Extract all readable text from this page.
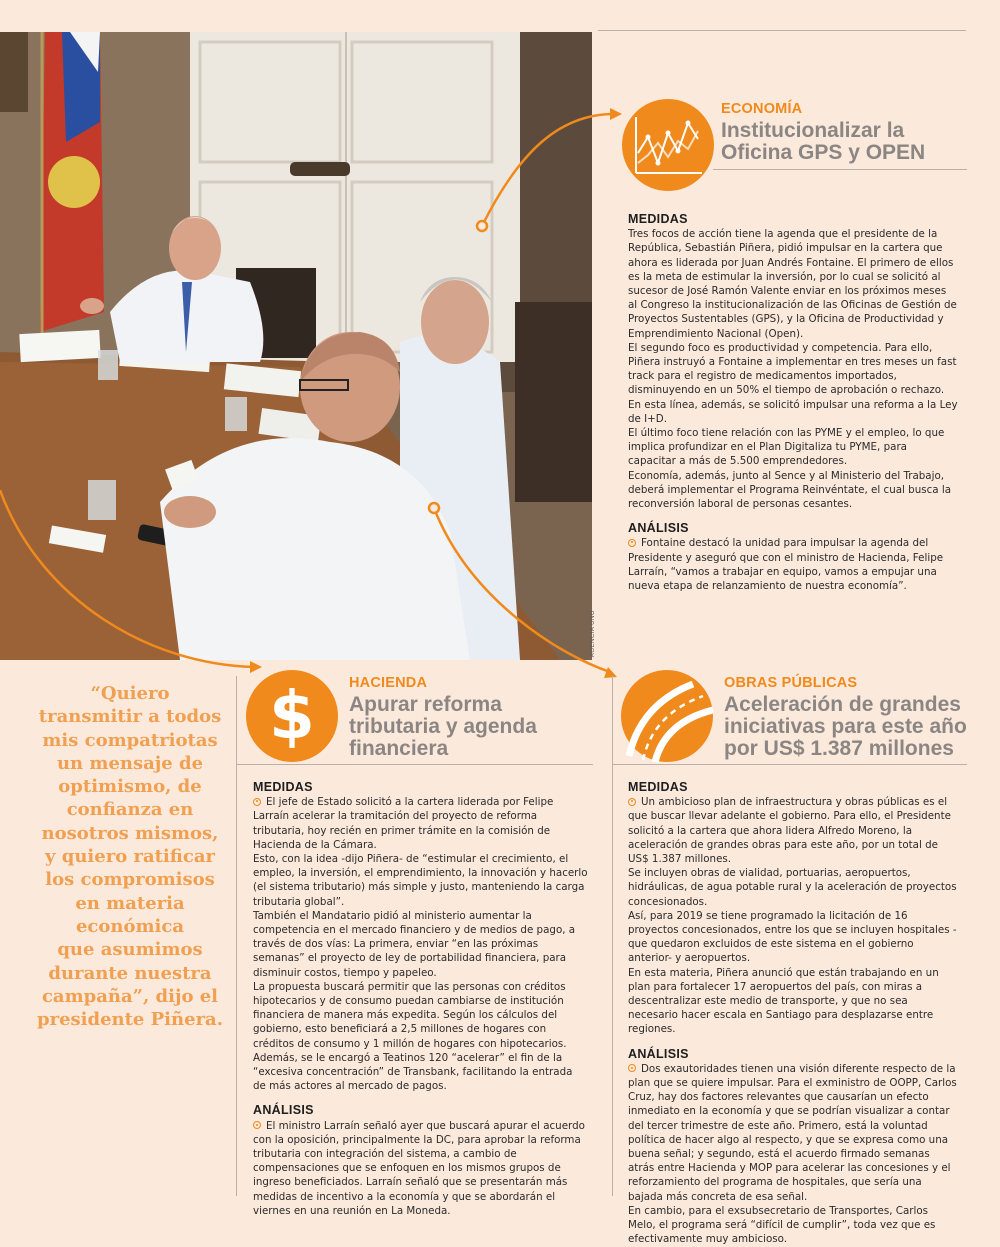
AGENCIA UNO
ECONOMÍA
Institucionalizar la
Oficina GPS y OPEN
MEDIDAS

Tres focos de acción tiene la agenda que el presidente de la República, Sebastián Piñera, pidió impulsar en la cartera que ahora es liderada por Juan Andrés Fontaine. El primero de ellos es la meta de estimular la inversión, por lo cual se solicitó al sucesor de José Ramón Valente enviar en los próximos meses al Congreso la institucionalización de las Oficinas de Gestión de Proyectos Sustentables (GPS), y la Oficina de Productividad y Emprendimiento Nacional (Open).

El segundo foco es productividad y competencia. Para ello, Piñera instruyó a Fontaine a implementar en tres meses un fast track para el registro de medicamentos importados, disminuyendo en un 50% el tiempo de aprobación o rechazo. En esta línea, además, se solicitó impulsar una reforma a la Ley de I+D.

El último foco tiene relación con las PYME y el empleo, lo que implica profundizar en el Plan Digitaliza tu PYME, para capacitar a más de 5.500 emprendedores.

Economía, además, junto al Sence y al Ministerio del Trabajo, deberá implementar el Programa Reinvéntate, el cual busca la reconversión laboral de personas cesantes.

ANÁLISIS

Fontaine destacó la unidad para impulsar la agenda del Presidente y aseguró que con el ministro de Hacienda, Felipe Larraín, “vamos a trabajar en equipo, vamos a empujar una nueva etapa de relanzamiento de nuestra economía”.

“Quiero
transmitir a todos
mis compatriotas
un mensaje de
optimismo, de
confianza en
nosotros mismos,
y quiero ratificar
los compromisos
en materia
económica
que asumimos
durante nuestra
campaña”, dijo el
presidente Piñera.
$ HACIENDA
Apurar reforma
tributaria y agenda
financiera
MEDIDAS

El jefe de Estado solicitó a la cartera liderada por Felipe Larraín acelerar la tramitación del proyecto de reforma tributaria, hoy recién en primer trámite en la comisión de Hacienda de la Cámara.

Esto, con la idea -dijo Piñera- de “estimular el crecimiento, el empleo, la inversión, el emprendimiento, la innovación y hacerlo (el sistema tributario) más simple y justo, manteniendo la carga tributaria global”.

También el Mandatario pidió al ministerio aumentar la competencia en el mercado financiero y de medios de pago, a través de dos vías: La primera, enviar “en las próximas semanas” el proyecto de ley de portabilidad financiera, para disminuir costos, tiempo y papeleo.

La propuesta buscará permitir que las personas con créditos hipotecarios y de consumo puedan cambiarse de institución financiera de manera más expedita. Según los cálculos del gobierno, esto beneficiará a 2,5 millones de hogares con créditos de consumo y 1 millón de hogares con hipotecarios.

Además, se le encargó a Teatinos 120 “acelerar” el fin de la “excesiva concentración” de Transbank, facilitando la entrada de más actores al mercado de pagos.

ANÁLISIS

El ministro Larraín señaló ayer que buscará apurar el acuerdo con la oposición, principalmente la DC, para aprobar la reforma tributaria con integración del sistema, a cambio de compensaciones que se enfoquen en los mismos grupos de ingreso beneficiados. Larraín señaló que se presentarán más medidas de incentivo a la economía y que se abordarán el viernes en una reunión en La Moneda.

OBRAS PÚBLICAS
Aceleración de grandes
iniciativas para este año
por US$ 1.387 millones
MEDIDAS

Un ambicioso plan de infraestructura y obras públicas es el que buscar llevar adelante el gobierno. Para ello, el Presidente solicitó a la cartera que ahora lidera Alfredo Moreno, la aceleración de grandes obras para este año, por un total de US$ 1.387 millones.

Se incluyen obras de vialidad, portuarias, aeropuertos, hidráulicas, de agua potable rural y la aceleración de proyectos concesionados.

Así, para 2019 se tiene programado la licitación de 16 proyectos concesionados, entre los que se incluyen hospitales -que quedaron excluidos de este sistema en el gobierno anterior- y aeropuertos.

En esta materia, Piñera anunció que están trabajando en un plan para fortalecer 17 aeropuertos del país, con miras a descentralizar este medio de transporte, y que no sea necesario hacer escala en Santiago para desplazarse entre regiones.

ANÁLISIS

Dos exautoridades tienen una visión diferente respecto de la plan que se quiere impulsar. Para el exministro de OOPP, Carlos Cruz, hay dos factores relevantes que causarían un efecto inmediato en la economía y que se podrían visualizar a contar del tercer trimestre de este año. Primero, está la voluntad política de hacer algo al respecto, y que se expresa como una buena señal; y segundo, está el acuerdo firmado semanas atrás entre Hacienda y MOP para acelerar las concesiones y el reforzamiento del programa de hospitales, que sería una bajada más concreta de esa señal.

En cambio, para el exsubsecretario de Transportes, Carlos Melo, el programa será “difícil de cumplir”, toda vez que es efectivamente muy ambicioso.
